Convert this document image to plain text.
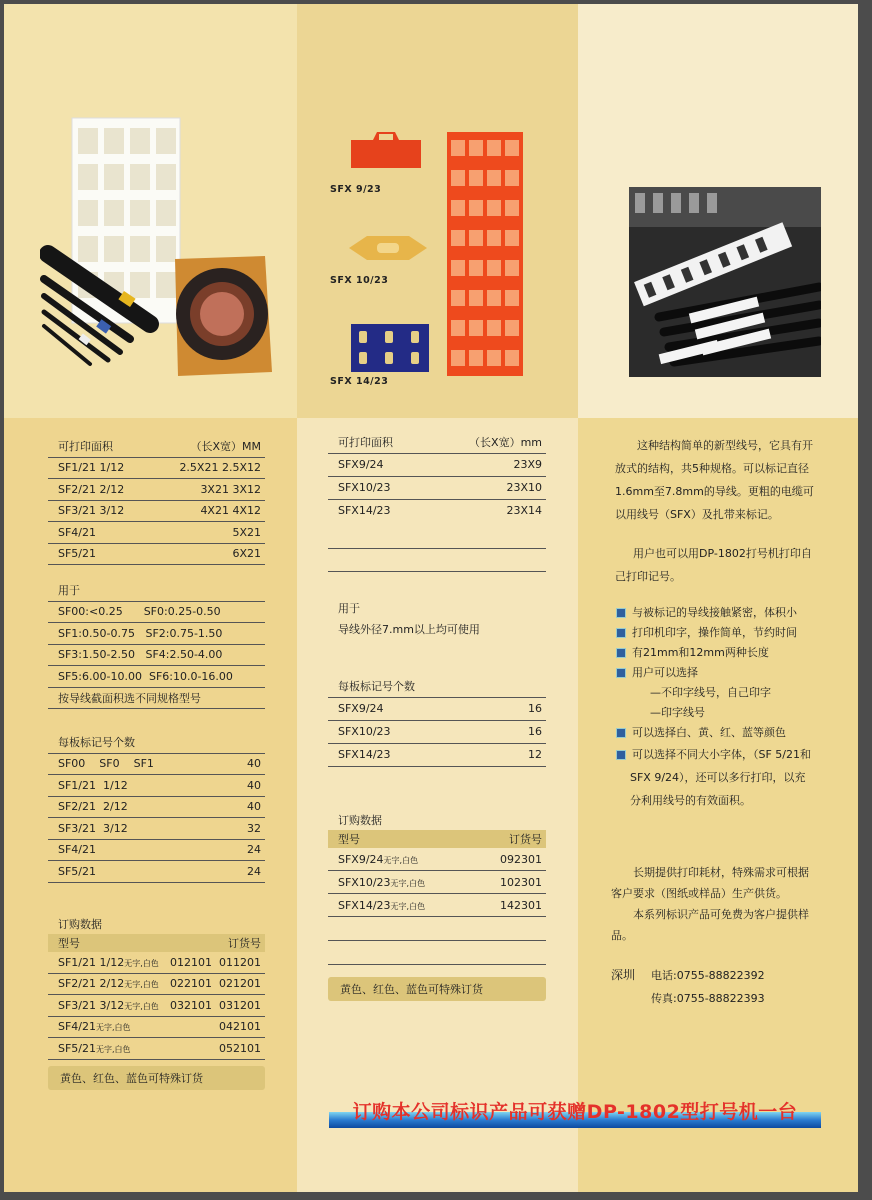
可打印面积	（长X宽）MM
SF1/21 1/12	2.5X21 2.5X12
SF2/21 2/12	3X21 3X12
SF3/21 3/12	4X21 4X12
SF4/21	5X21
SF5/21	6X21
用于
SF00:<0.25      SF0:0.25-0.50
SF1:0.50-0.75   SF2:0.75-1.50
SF3:1.50-2.50   SF4:2.50-4.00
SF5:6.00-10.00  SF6:10.0-16.00
按导线截面积选不同规格型号
每板标记号个数
SF00    SF0    SF1	40
SF1/21  1/12	40
SF2/21  2/12	40
SF3/21  3/12	32
SF4/21	24
SF5/21	24
订购数据
型号	订货号
SF1/21 1/12无字,白色 012101  011201
SF2/21 2/12无字,白色 022101  021201
SF3/21 3/12无字,白色 032101  031201
SF4/21无字,白色	042101
SF5/21无字,白色	052101
黄色、红色、蓝色可特殊订货
SFX 9/23
SFX 10/23
SFX 14/23
可打印面积	（长X宽）mm
SFX9/24	23X9
SFX10/23	23X10
SFX14/23	23X14
用于
导线外径7.mm以上均可使用
每板标记号个数
SFX9/24	16
SFX10/23	16
SFX14/23	12
订购数据
型号	订货号
SFX9/24无字,白色	092301
SFX10/23无字,白色	102301
SFX14/23无字,白色	142301
黄色、红色、蓝色可特殊订货
这种结构简单的新型线号，它具有开
放式的结构，共5种规格。可以标记直径
1.6mm至7.8mm的导线。更粗的电缆可
以用线号（SFX）及扎带来标记。
用户也可以用DP-1802打号机打印自
己打印记号。
与被标记的导线接触紧密，体积小
打印机印字，操作简单，节约时间
有21mm和12mm两种长度
用户可以选择
—不印字线号，自己印字
—印字线号
可以选择白、黄、红、蓝等颜色
可以选择不同大小字体，（SF 5/21和
SFX 9/24），还可以多行打印，以充
分利用线号的有效面积。
长期提供打印耗材，特殊需求可根据
客户要求（图纸或样品）生产供货。
本系列标识产品可免费为客户提供样
品。
深圳 电话:0755-88822392
传真:0755-88822393
订购本公司标识产品可获赠DP-1802型打号机一台
